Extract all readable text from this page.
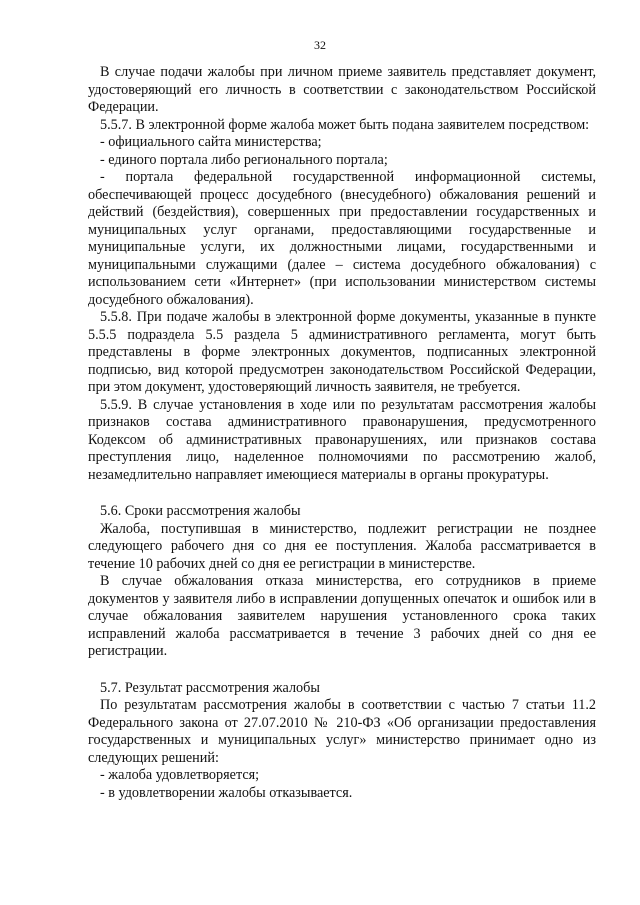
32

В случае подачи жалобы при личном приеме заявитель представляет документ, удостоверяющий его личность в соответствии с законодательством Российской Федерации.

5.5.7. В электронной форме жалоба может быть подана заявителем посредством:

- официального сайта министерства;

- единого портала либо регионального портала;

- портала федеральной государственной информационной системы, обеспечивающей процесс досудебного (внесудебного) обжалования решений и действий (бездействия), совершенных при предоставлении государственных и муниципальных услуг органами, предоставляющими государственные и муниципальные услуги, их должностными лицами, государственными и муниципальными служащими (далее – система досудебного обжалования) с использованием сети «Интернет» (при использовании министерством системы досудебного обжалования).

5.5.8. При подаче жалобы в электронной форме документы, указанные в пункте 5.5.5 подраздела 5.5 раздела 5 административного регламента, могут быть представлены в форме электронных документов, подписанных электронной подписью, вид которой предусмотрен законодательством Российской Федерации, при этом документ, удостоверяющий личность заявителя, не требуется.

5.5.9. В случае установления в ходе или по результатам рассмотрения жалобы признаков состава административного правонарушения, предусмотренного Кодексом об административных правонарушениях, или признаков состава преступления лицо, наделенное полномочиями по рассмотрению жалоб, незамедлительно направляет имеющиеся материалы в органы прокуратуры.

5.6. Сроки рассмотрения жалобы

Жалоба, поступившая в министерство, подлежит регистрации не позднее следующего рабочего дня со дня ее поступления. Жалоба рассматривается в течение 10 рабочих дней со дня ее регистрации в министерстве.

В случае обжалования отказа министерства, его сотрудников в приеме документов у заявителя либо в исправлении допущенных опечаток и ошибок или в случае обжалования заявителем нарушения установленного срока таких исправлений жалоба рассматривается в течение 3 рабочих дней со дня ее регистрации.

5.7. Результат рассмотрения жалобы

По результатам рассмотрения жалобы в соответствии с частью 7 статьи 11.2 Федерального закона от 27.07.2010 № 210-ФЗ «Об организации предоставления государственных и муниципальных услуг» министерство принимает одно из следующих решений:

- жалоба удовлетворяется;

- в удовлетворении жалобы отказывается.
